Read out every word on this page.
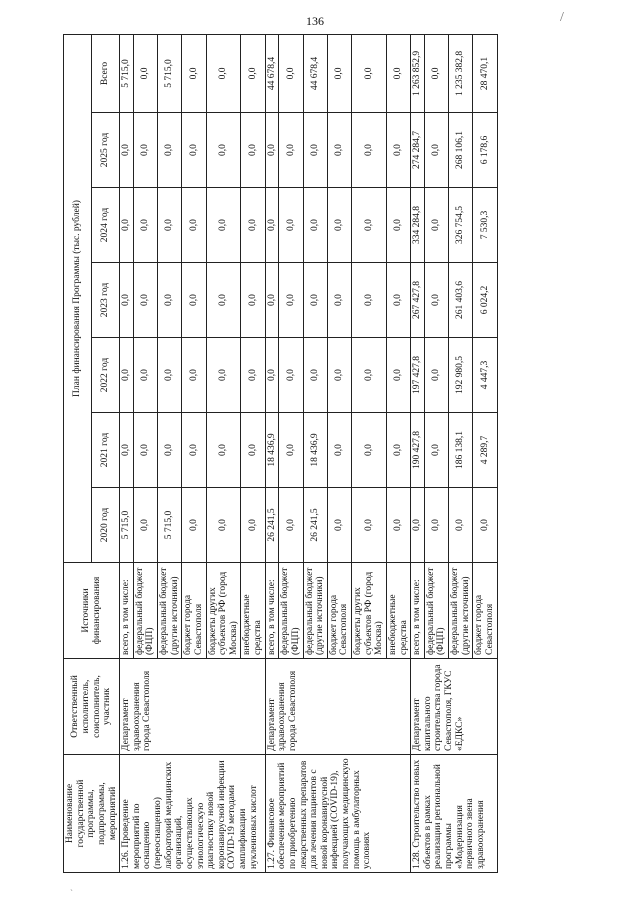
136	/
Наименование государственной программы, подпрограммы, мероприятий	Ответственный исполнитель, соисполнитель, участник	Источники финансирования	План финансирования Программы (тыс. рублей)						
			2020 год	2021 год	2022 год	2023 год	2024 год	2025 год	Всего
1.26. Проведение мероприятий по оснащению (переоснащению) лабораторий медицинских организаций, осуществляющих этиологическую диагностику новой коронавирусной инфекции COVID-19 методами амплификации нуклеиновых кислот	Департамент здравоохранения города Севастополя	всего, в том числе:	5 715,0	0,0	0,0	0,0	0,0	0,0	5 715,0
		федеральный бюджет (ФЦП)	0,0	0,0	0,0	0,0	0,0	0,0	0,0
		федеральный бюджет (другие источники)	5 715,0	0,0	0,0	0,0	0,0	0,0	5 715,0
		бюджет города Севастополя	0,0	0,0	0,0	0,0	0,0	0,0	0,0
		бюджеты других субъектов РФ (город Москва)	0,0	0,0	0,0	0,0	0,0	0,0	0,0
		внебюджетные средства	0,0	0,0	0,0	0,0	0,0	0,0	0,0
1.27. Финансовое обеспечение мероприятий по приобретению лекарственных препаратов для лечения пациентов с новой коронавирусной инфекцией (COVID-19), получающих медицинскую помощь в амбулаторных условиях	Департамент здравоохранения города Севастополя	всего, в том числе:	26 241,5	18 436,9	0,0	0,0	0,0	0,0	44 678,4
		федеральный бюджет (ФЦП)	0,0	0,0	0,0	0,0	0,0	0,0	0,0
		федеральный бюджет (другие источники)	26 241,5	18 436,9	0,0	0,0	0,0	0,0	44 678,4
		бюджет города Севастополя	0,0	0,0	0,0	0,0	0,0	0,0	0,0
		бюджеты других субъектов РФ (город Москва)	0,0	0,0	0,0	0,0	0,0	0,0	0,0
		внебюджетные средства	0,0	0,0	0,0	0,0	0,0	0,0	0,0
1.28. Строительство новых объектов в рамках реализации региональной программы «Модернизация первичного звена здравоохранения	Департамент капитального строительства города Севастополя, ГКУС «ЕДКС»	всего, в том числе:	0,0	190 427,8	197 427,8	267 427,8	334 284,8	274 284,7	1 263 852,9
		федеральный бюджет (ФЦП)	0,0	0,0	0,0	0,0	0,0	0,0	0,0
		федеральный бюджет (другие источники)	0,0	186 138,1	192 980,5	261 403,6	326 754,5	268 106,1	1 235 382,8
		бюджет города Севастополя	0,0	4 289,7	4 447,3	6 024,2	7 530,3	6 178,6	28 470,1
`
